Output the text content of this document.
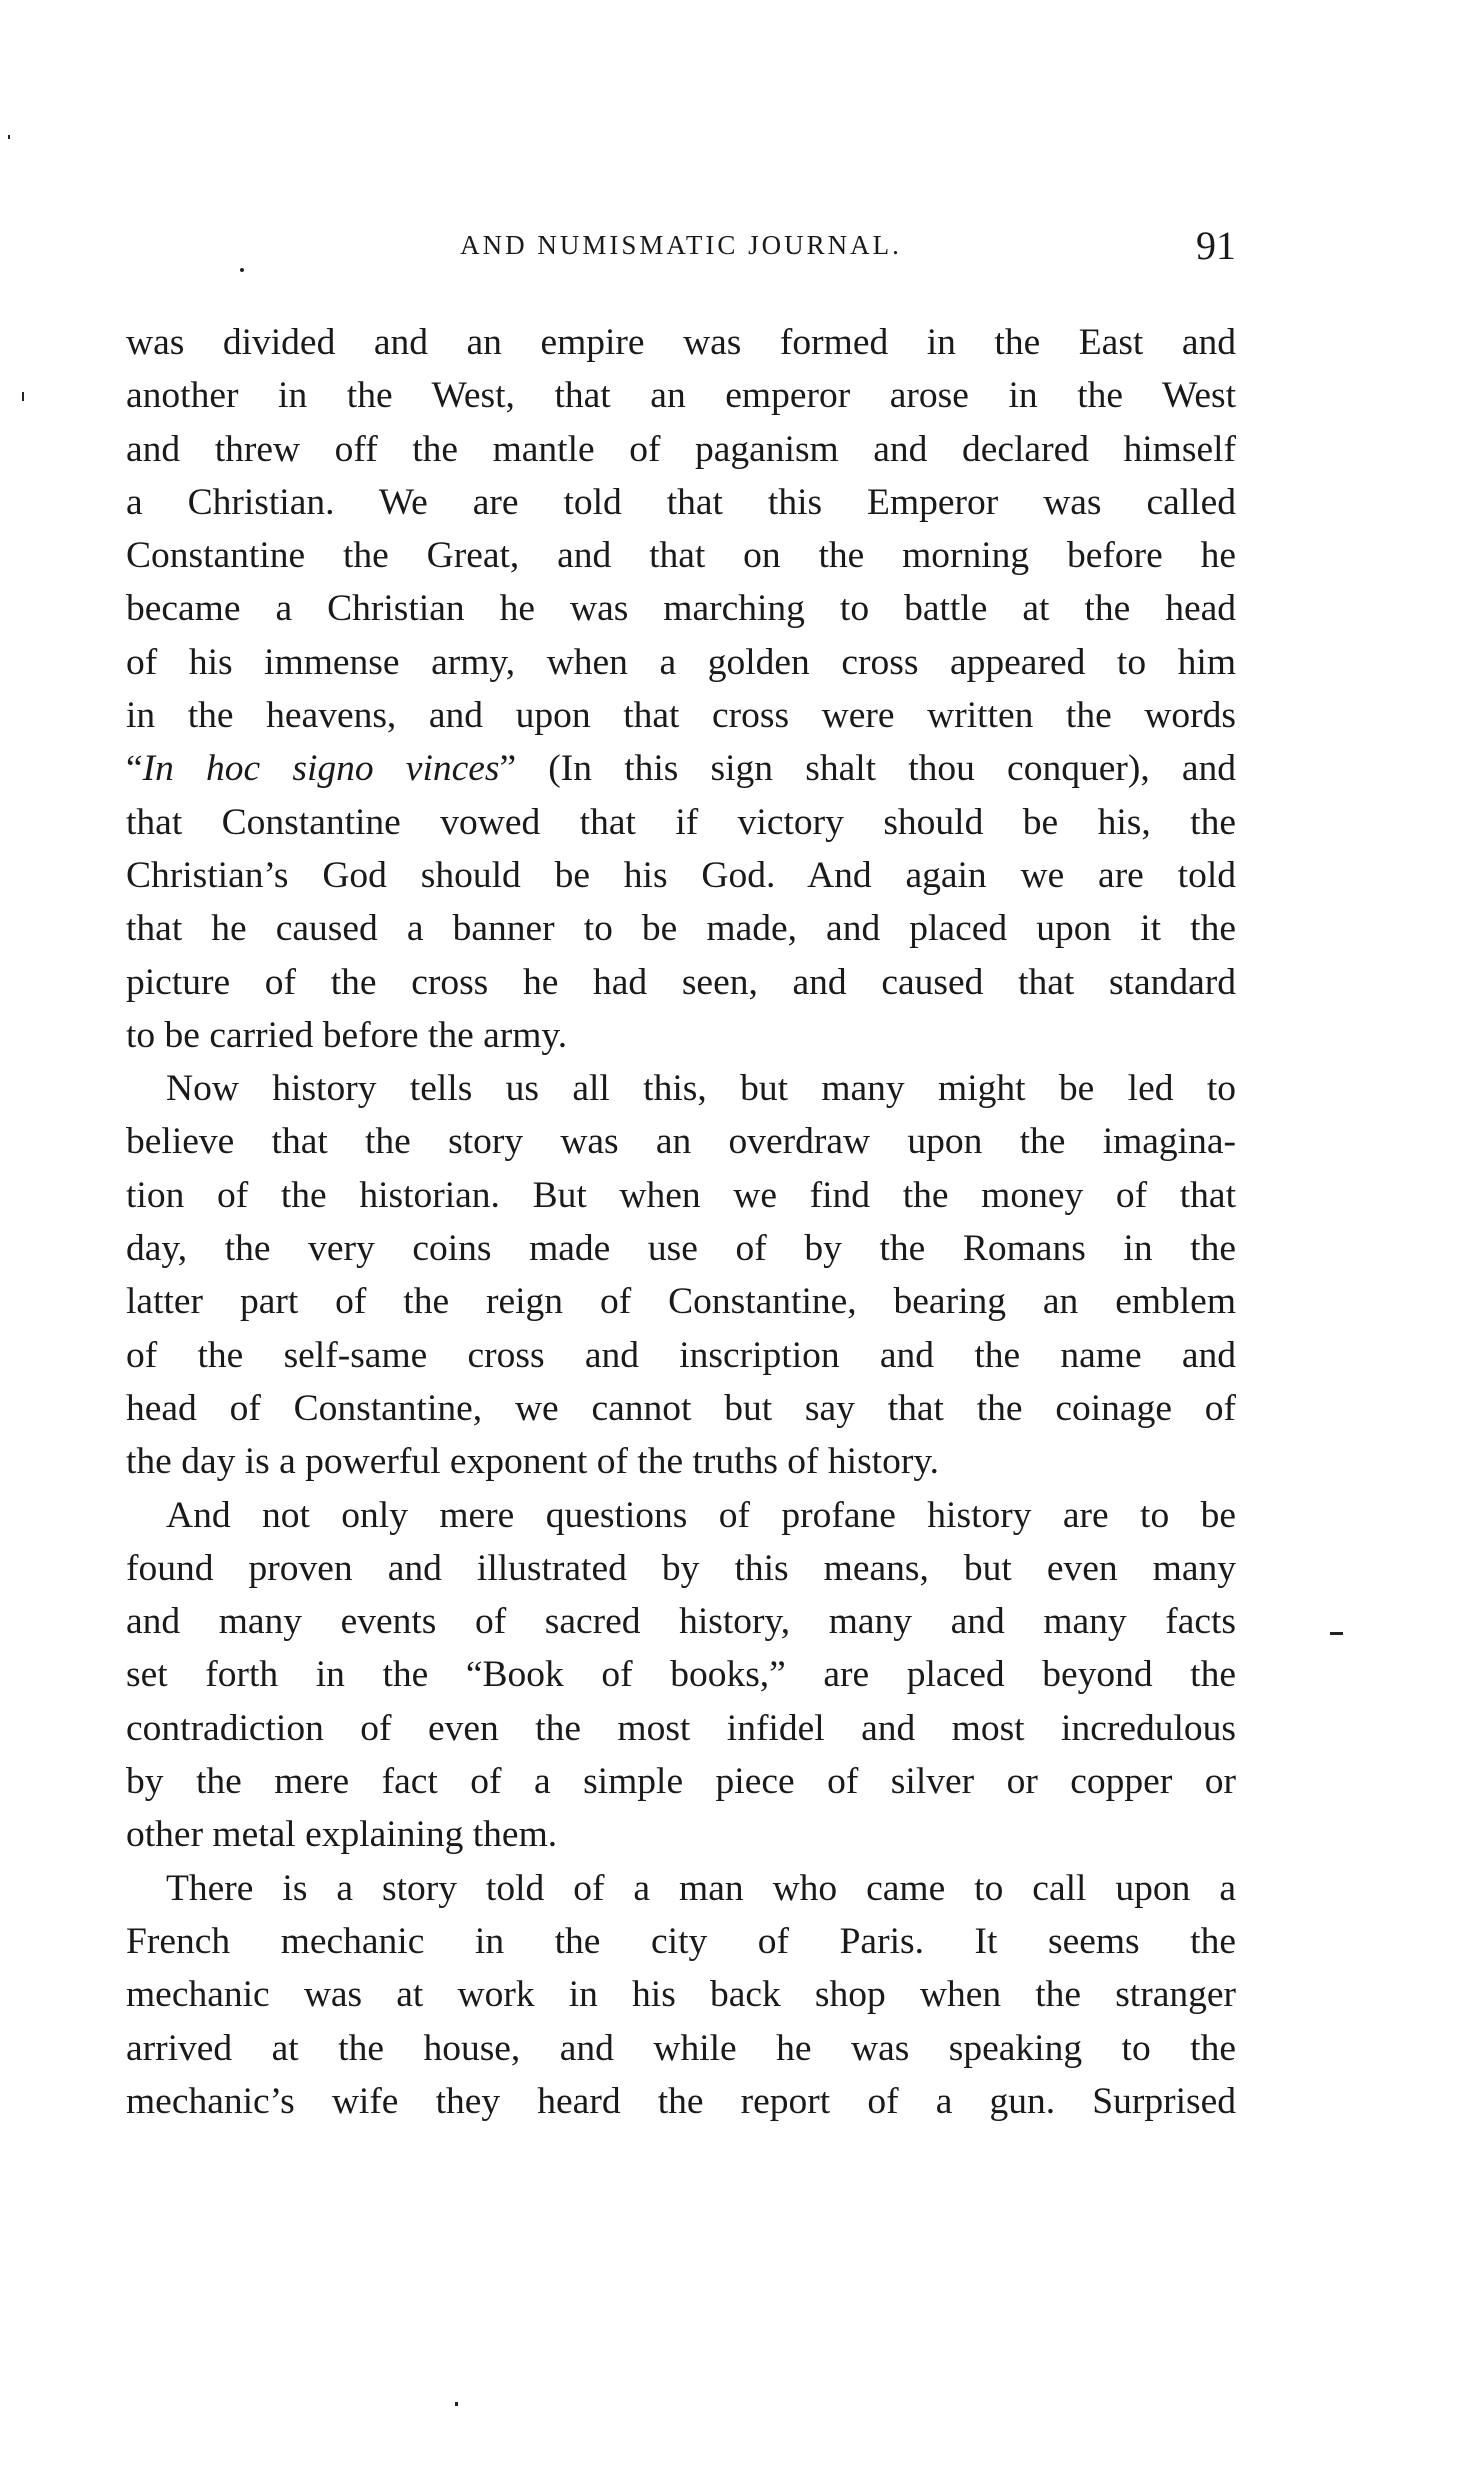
AND NUMISMATIC JOURNAL.	91
was divided and an empire was formed in the East and
another in the West, that an emperor arose in the West
and threw off the mantle of paganism and declared himself
a Christian. We are told that this Emperor was called
Constantine the Great, and that on the morning before he
became a Christian he was marching to battle at the head
of his immense army, when a golden cross appeared to him
in the heavens, and upon that cross were written the words
“In hoc signo vinces” (In this sign shalt thou conquer), and
that Constantine vowed that if victory should be his, the
Christian’s God should be his God. And again we are told
that he caused a banner to be made, and placed upon it the
picture of the cross he had seen, and caused that standard
to be carried before the army.
Now history tells us all this, but many might be led to
believe that the story was an overdraw upon the imagina-
tion of the historian. But when we find the money of that
day, the very coins made use of by the Romans in the
latter part of the reign of Constantine, bearing an emblem
of the self-same cross and inscription and the name and
head of Constantine, we cannot but say that the coinage of
the day is a powerful exponent of the truths of history.
And not only mere questions of profane history are to be
found proven and illustrated by this means, but even many
and many events of sacred history, many and many facts
set forth in the “Book of books,” are placed beyond the
contradiction of even the most infidel and most incredulous
by the mere fact of a simple piece of silver or copper or
other metal explaining them.
There is a story told of a man who came to call upon a
French mechanic in the city of Paris. It seems the
mechanic was at work in his back shop when the stranger
arrived at the house, and while he was speaking to the
mechanic’s wife they heard the report of a gun. Surprised
